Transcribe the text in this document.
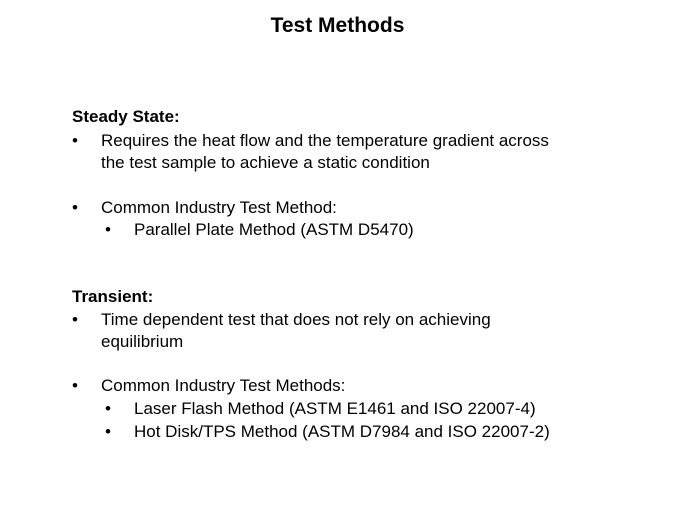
Test Methods
Steady State:
• Requires the heat flow and the temperature gradient across
the test sample to achieve a static condition
• Common Industry Test Method:
• Parallel Plate Method (ASTM D5470)
Transient:
• Time dependent test that does not rely on achieving
equilibrium
• Common Industry Test Methods:
• Laser Flash Method (ASTM E1461 and ISO 22007-4)
• Hot Disk/TPS Method (ASTM D7984 and ISO 22007-2)
